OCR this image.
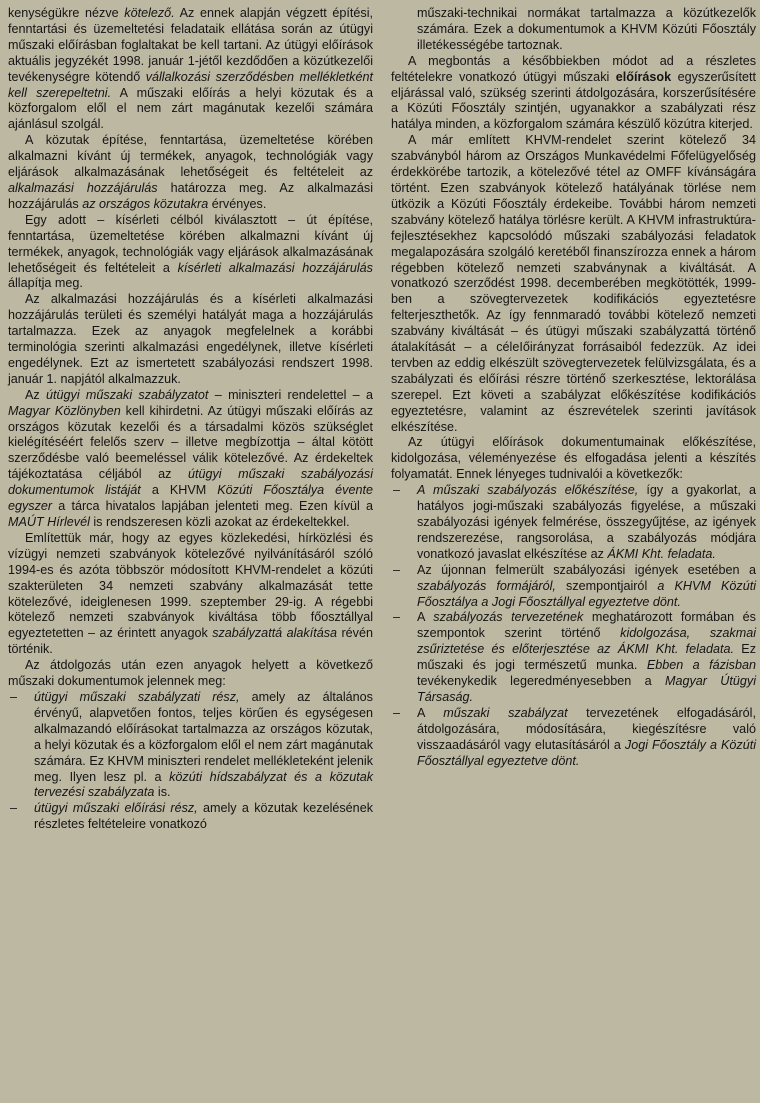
kenységükre nézve kötelező. Az ennek alapján végzett építési, fenntartási és üzemeltetési feladataik ellátása során az útügyi műszaki előírásban foglaltakat be kell tartani. Az útügyi előírások aktuális jegyzékét 1998. január 1-jétől kezdődően a közútkezelői tevékenységre kötendő vállalkozási szerződésben mellékletként kell szerepeltetni. A műszaki előírás a helyi közutak és a közforgalom elől el nem zárt magánutak kezelői számára ajánlásul szolgál.

A közutak építése, fenntartása, üzemeltetése körében alkalmazni kívánt új termékek, anyagok, technológiák vagy eljárások alkalmazásának lehetőségeit és feltételeit az alkalmazási hozzájárulás határozza meg. Az alkalmazási hozzájárulás az országos közutakra érvényes.

Egy adott – kísérleti célból kiválasztott – út építése, fenntartása, üzemeltetése körében alkalmazni kívánt új termékek, anyagok, technológiák vagy eljárások alkalmazásának lehetőségeit és feltételeit a kísérleti alkalmazási hozzájárulás állapítja meg.

Az alkalmazási hozzájárulás és a kísérleti alkalmazási hozzájárulás területi és személyi hatályát maga a hozzájárulás tartalmazza. Ezek az anyagok megfelelnek a korábbi terminológia szerinti alkalmazási engedélynek, illetve kísérleti engedélynek. Ezt az ismertetett szabályozási rendszert 1998. január 1. napjától alkalmazzuk.

Az útügyi műszaki szabályzatot – miniszteri rendelettel – a Magyar Közlönyben kell kihirdetni. Az útügyi műszaki előírás az országos közutak kezelői és a társadalmi közös szükséglet kielégítéséért felelős szerv – illetve megbízottja – által kötött szerződésbe való beemeléssel válik kötelezővé. Az érdekeltek tájékoztatása céljából az útügyi műszaki szabályozási dokumentumok listáját a KHVM Közúti Főosztálya évente egyszer a tárca hivatalos lapjában jelenteti meg. Ezen kívül a MAÚT Hírlevél is rendszeresen közli azokat az érdekeltekkel.

Említettük már, hogy az egyes közlekedési, hírközlési és vízügyi nemzeti szabványok kötelezővé nyilvánításáról szóló 1994-es és azóta többször módosított KHVM-rendelet a közúti szakterületen 34 nemzeti szabvány alkalmazását tette kötelezővé, ideiglenesen 1999. szeptember 29-ig. A régebbi kötelező nemzeti szabványok kiváltása több főosztállyal egyeztetetten – az érintett anyagok szabályzattá alakítása révén történik.

Az átdolgozás után ezen anyagok helyett a következő műszaki dokumentumok jelennek meg:

– útügyi műszaki szabályzati rész, amely az általános érvényű, alapvetően fontos, teljes körűen és egységesen alkalmazandó előírásokat tartalmazza az országos közutak, a helyi közutak és a közforgalom elől el nem zárt magánutak számára. Ez KHVM miniszteri rendelet mellékleteként jelenik meg. Ilyen lesz pl. a közúti hídszabályzat és a közutak tervezési szabályzata is.
– útügyi műszaki előírási rész, amely a közutak kezelésének részletes feltételeire vonatkozó

műszaki-technikai normákat tartalmazza a közútkezelők számára. Ezek a dokumentumok a KHVM Közúti Főosztály illetékességébe tartoznak.

A megbontás a későbbiekben módot ad a részletes feltételekre vonatkozó útügyi műszaki előírások egyszerűsített eljárással való, szükség szerinti átdolgozására, korszerűsítésére a Közúti Főosztály szintjén, ugyanakkor a szabályzati rész hatálya minden, a közforgalom számára készülő közútra kiterjed.

A már említett KHVM-rendelet szerint kötelező 34 szabványból három az Országos Munkavédelmi Főfelügyelőség érdekkörébe tartozik, a kötelezővé tétel az OMFF kívánságára történt. Ezen szabványok kötelező hatályának törlése nem ütközik a Közúti Főosztály érdekeibe. További három nemzeti szabvány kötelező hatálya törlésre került. A KHVM infrastruktúra-fejlesztésekhez kapcsolódó műszaki szabályozási feladatok megalapozására szolgáló keretéből finanszírozza ennek a három régebben kötelező nemzeti szabványnak a kiváltását. A vonatkozó szerződést 1998. decemberében megkötötték, 1999-ben a szövegtervezetek kodifikációs egyeztetésre felterjeszthetők. Az így fennmaradó további kötelező nemzeti szabvány kiváltását – és útügyi műszaki szabályzattá történő átalakítását – a céleIőirányzat forrásaiból fedezzük. Az idei tervben az eddig elkészült szövegtervezetek felülvizsgálata, és a szabályzati és előírási részre történő szerkesztése, lektorálása szerepel. Ezt követi a szabályzat előkészítése kodifikációs egyeztetésre, valamint az észrevételek szerinti javítások elkészítése.

Az útügyi előírások dokumentumainak előkészítése, kidolgozása, véleményezése és elfogadása jelenti a készítés folyamatát. Ennek lényeges tudnivalói a következők:

– A műszaki szabályozás előkészítése, így a gyakorlat, a hatályos jogi-műszaki szabályozás figyelése, a műszaki szabályozási igények felmérése, összegyűjtése, az igények rendszerezése, rangsorolása, a szabályozás módjára vonatkozó javaslat elkészítése az ÁKMI Kht. feladata.
– Az újonnan felmerült szabályozási igények esetében a szabályozás formájáról, szempontjairól a KHVM Közúti Főosztálya a Jogi Főosztállyal egyeztetve dönt.
– A szabályozás tervezetének meghatározott formában és szempontok szerint történő kidolgozása, szakmai zsűriztetése és előterjesztése az ÁKMI Kht. feladata. Ez műszaki és jogi természetű munka. Ebben a fázisban tevékenykedik legeredményesebben a Magyar Útügyi Társaság.
– A műszaki szabályzat tervezetének elfogadásáról, átdolgozására, módosítására, kiegészítésre való visszaadásáról vagy elutasításáról a Jogi Főosztály a Közúti Főosztállyal egyeztetve dönt.
